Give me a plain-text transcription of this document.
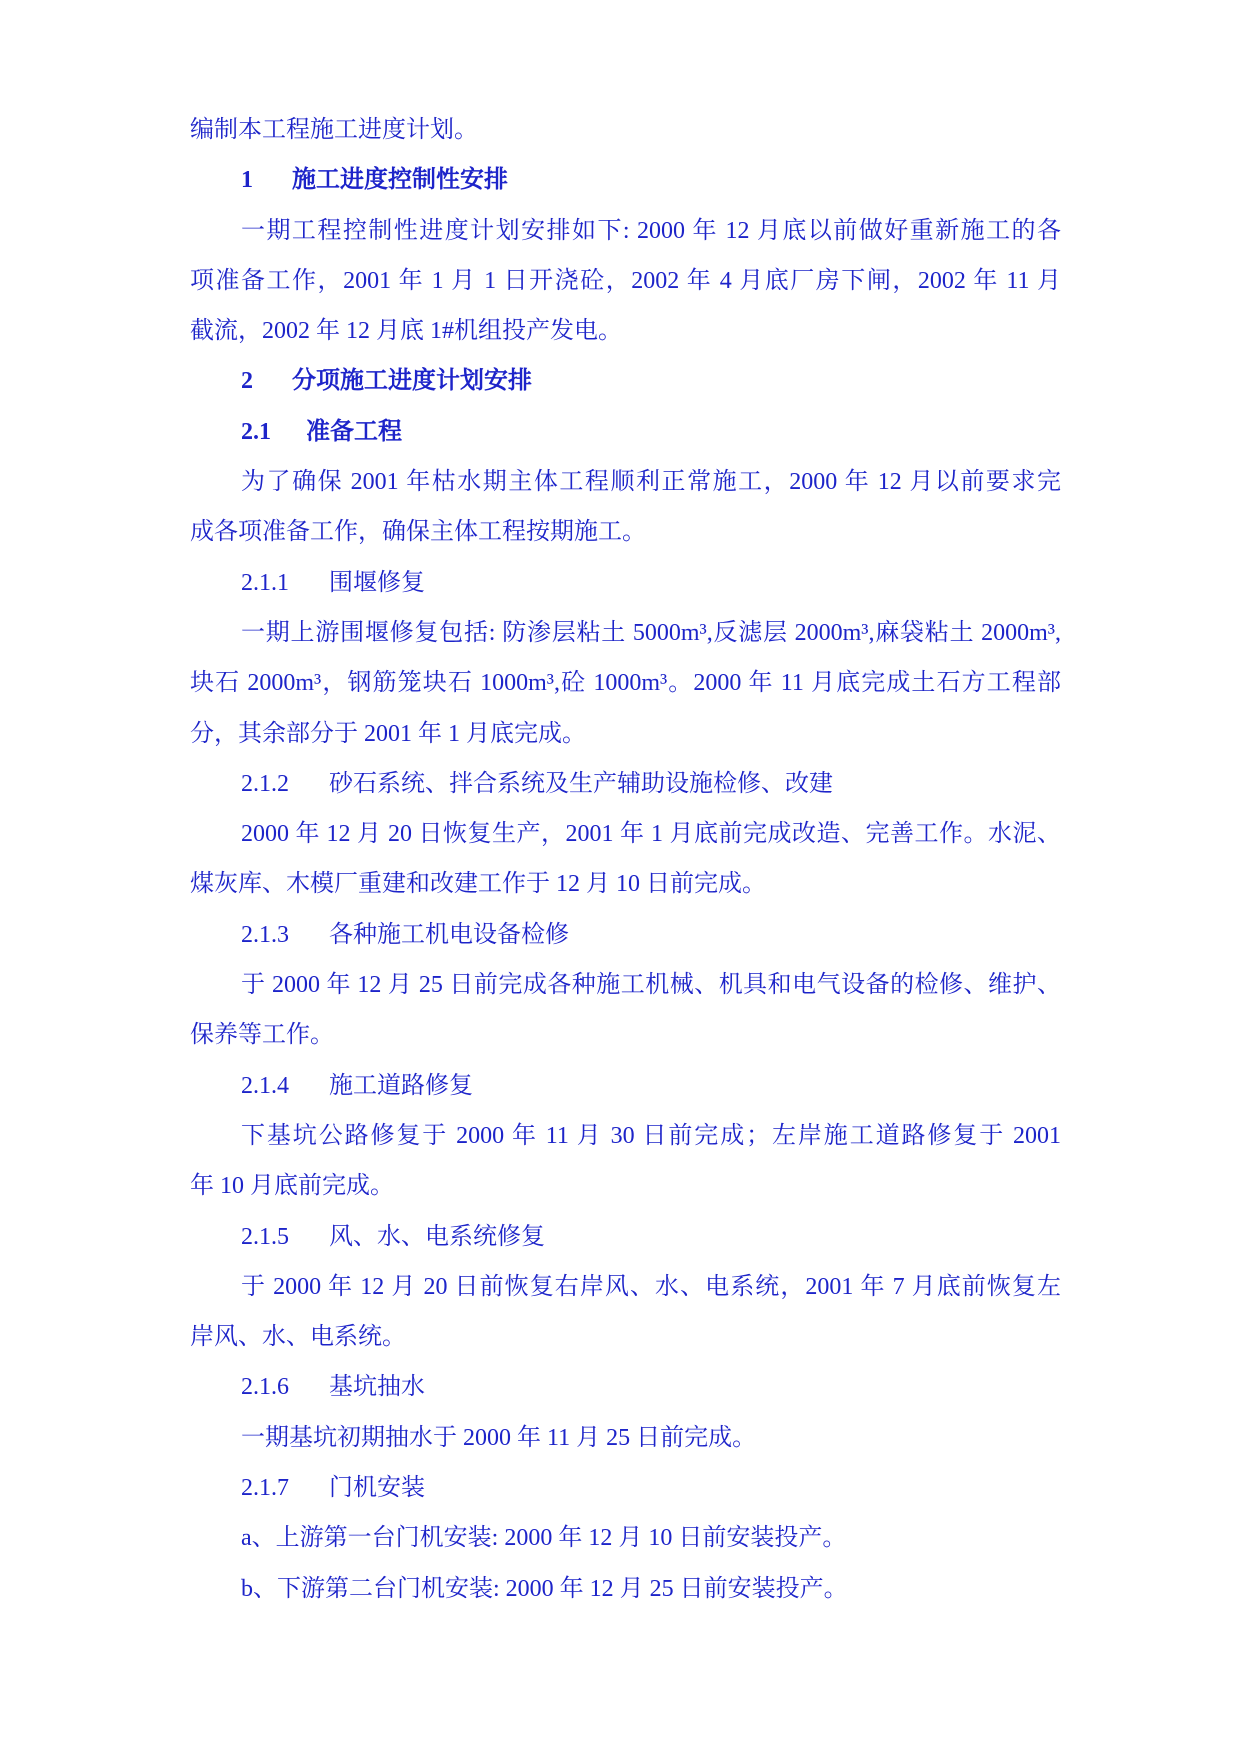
编制本工程施工进度计划。
1 施工进度控制性安排
一期工程控制性进度计划安排如下: 2000 年 12 月底以前做好重新施工的各
项准备工作，2001 年 1 月 1 日开浇砼，2002 年 4 月底厂房下闸，2002 年 11 月
截流，2002 年 12 月底 1#机组投产发电。
2 分项施工进度计划安排
2.1 准备工程
为了确保 2001 年枯水期主体工程顺利正常施工，2000 年 12 月以前要求完
成各项准备工作，确保主体工程按期施工。
2.1.1 围堰修复
一期上游围堰修复包括: 防渗层粘土 5000m³,反滤层 2000m³,麻袋粘土 2000m³,
块石 2000m³，钢筋笼块石 1000m³,砼 1000m³。2000 年 11 月底完成土石方工程部
分，其余部分于 2001 年 1 月底完成。
2.1.2 砂石系统、拌合系统及生产辅助设施检修、改建
2000 年 12 月 20 日恢复生产，2001 年 1 月底前完成改造、完善工作。水泥、
煤灰库、木模厂重建和改建工作于 12 月 10 日前完成。
2.1.3 各种施工机电设备检修
于 2000 年 12 月 25 日前完成各种施工机械、机具和电气设备的检修、维护、
保养等工作。
2.1.4 施工道路修复
下基坑公路修复于 2000 年 11 月 30 日前完成；左岸施工道路修复于 2001
年 10 月底前完成。
2.1.5 风、水、电系统修复
于 2000 年 12 月 20 日前恢复右岸风、水、电系统，2001 年 7 月底前恢复左
岸风、水、电系统。
2.1.6 基坑抽水
一期基坑初期抽水于 2000 年 11 月 25 日前完成。
2.1.7 门机安装
a、上游第一台门机安装: 2000 年 12 月 10 日前安装投产。
b、下游第二台门机安装: 2000 年 12 月 25 日前安装投产。
